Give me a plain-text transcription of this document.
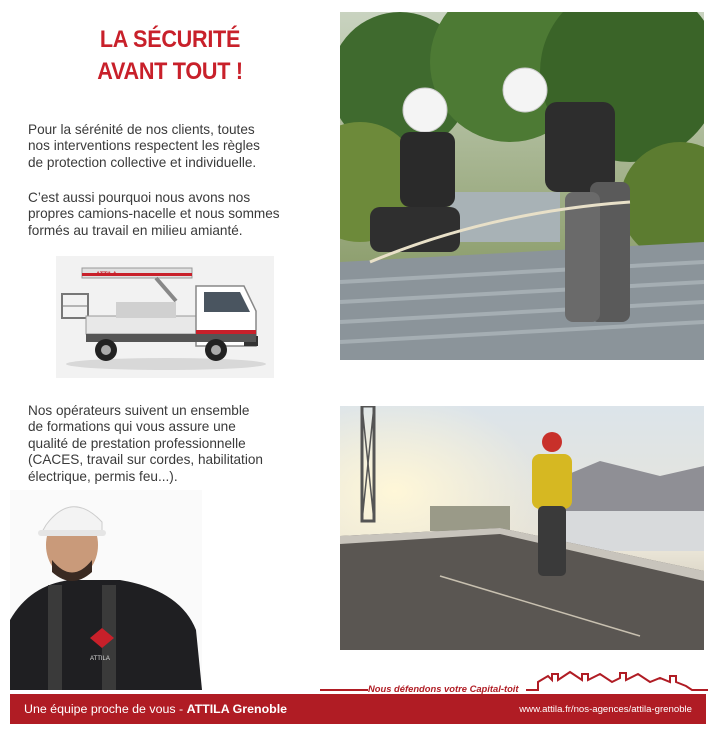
LA SÉCURITÉ
AVANT TOUT !
Pour la sérénité de nos clients, toutes
nos interventions respectent les règles
de protection collective et individuelle.
C’est aussi pourquoi nous avons nos
propres camions-nacelle et nous sommes
formés au travail en milieu amianté.
ATTILA
Nos opérateurs suivent un ensemble
de formations qui vous assure une
qualité de prestation professionnelle
(CACES, travail sur cordes, habilitation
électrique, permis feu...).
ATTILA
Nous défendons votre Capital-toit
Une équipe proche de vous - ATTILA Grenoble	www.attila.fr/nos-agences/attila-grenoble
